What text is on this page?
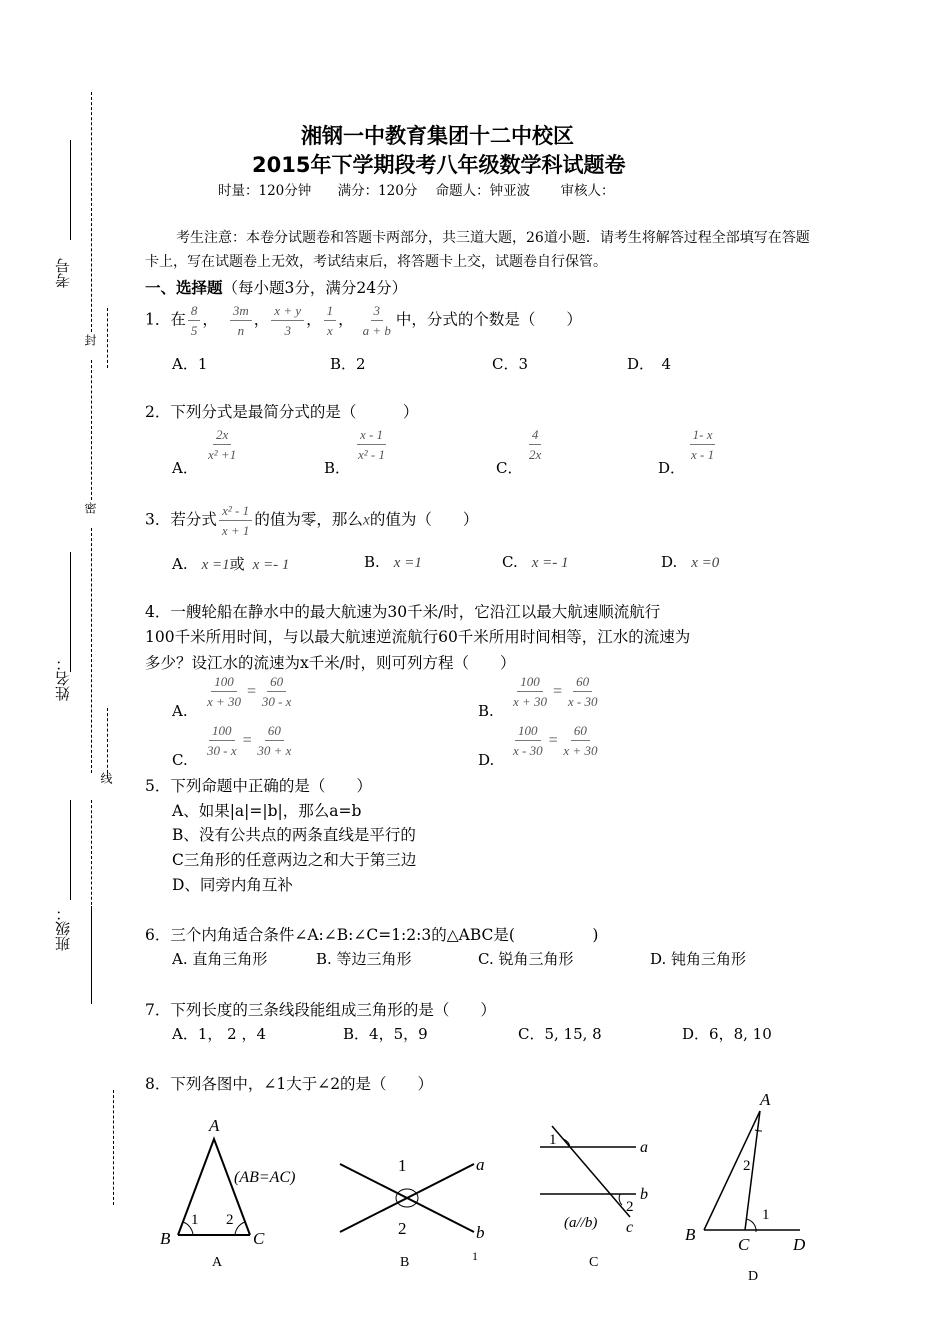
考号
封
密
姓名：
线
班级：
湘钢一中教育集团十二中校区
2015年下学期段考八年级数学科试题卷
时量：120分钟 满分：120分 命题人：钟亚波 审核人：
考生注意：本卷分试题卷和答题卡两部分，共三道大题，26道小题．请考生将解答过程全部填写在答题卡上，写在试题卷上无效，考试结束后，将答题卡上交，试题卷自行保管。
一、选择题（每小题3分，满分24分）
1．在 $\frac{8}{5}$ ， $\frac{3m}{n}$ ， $\frac{x + y}{3}$ ， $\frac{1}{x}$ ， $\frac{3}{a + b}$ 中，分式的个数是（　　）
A．1	B．2	C．3	D．　4
2．下列分式是最简分式的是（　　　）
A．
$\frac{2x}{\text{x² +1}}$
B．
$\frac{x - 1}{\text{x² - 1}}$
C．
$\frac{4}{2x}$
D．
$\frac{1- x}{x - 1}$
3．若分式 $\frac{\text{x² - 1}}{x + 1}$ 的值为零，那么x的值为（　　）
A. x =1或 x =- 1	B. x =1	C. x =- 1	D. x =0
4．一艘轮船在静水中的最大航速为30千米/时，它沿江以最大航速顺流航行
100千米所用时间，与以最大航速逆流航行60千米所用时间相等，江水的流速为
多少？设江水的流速为x千米/时，则可列方程（　　）
A.
$\frac{100}{x + 30} = \frac{60}{30 - x}$
B.
$\frac{100}{x + 30} = \frac{60}{x - 30}$
C.
$\frac{100}{30 - x} = \frac{60}{30 + x}$
D.
$\frac{100}{x - 30} = \frac{60}{x + 30}$
5．下列命题中正确的是（　　）
A、如果|a|=|b|，那么a=b
B、没有公共点的两条直线是平行的
C三角形的任意两边之和大于第三边
D、同旁内角互补
6．三个内角适合条件∠A:∠B:∠C=1:2:3的△ABC是(　　　　　)
A. 直角三角形	B. 等边三角形	C. 锐角三角形	D. 钝角三角形
7．下列长度的三条线段能组成三角形的是（　　）
A．1， 2 ，4	B．4，5，9	C．5, 15, 8	D．6，8, 10
8．下列各图中，∠1大于∠2的是（　　）
A
B	C
1 2
(AB=AC)
A
1
2
a
b
B
1
2
a
b
c
(a//b)
C
A
B
C	D
1
2
D
1
